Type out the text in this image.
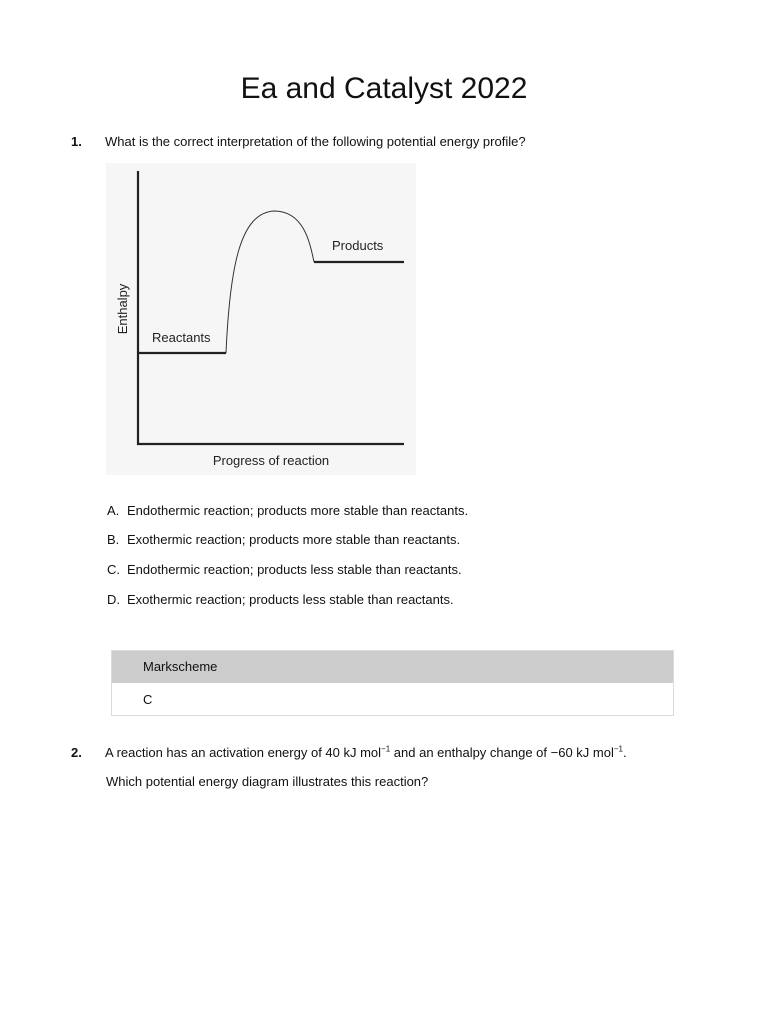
Ea and Catalyst 2022
1. What is the correct interpretation of the following potential energy profile?
Products
Reactants
Enthalpy
Progress of reaction
A. Endothermic reaction; products more stable than reactants.
B. Exothermic reaction; products more stable than reactants.
C. Endothermic reaction; products less stable than reactants.
D. Exothermic reaction; products less stable than reactants.
Markscheme
C
2. A reaction has an activation energy of 40 kJ mol$^{-1}$ and an enthalpy change of −60 kJ mol$^{-1}$.
Which potential energy diagram illustrates this reaction?
